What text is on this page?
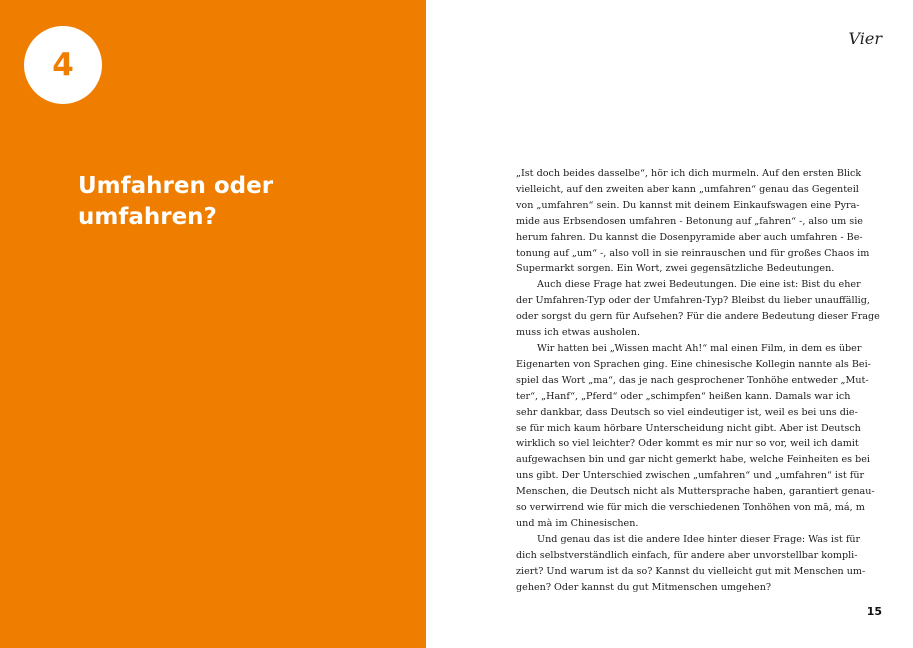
4
Umfahren oder
umfahren?
Vier
„Ist doch beides dasselbe“, hör ich dich murmeln. Auf den ersten Blick
vielleicht, auf den zweiten aber kann „umfahren“ genau das Gegenteil
von „umfahren“ sein. Du kannst mit deinem Einkaufswagen eine Pyra-
mide aus Erbsendosen umfahren - Betonung auf „fahren“ -, also um sie
herum fahren. Du kannst die Dosenpyramide aber auch umfahren - Be-
tonung auf „um“ -, also voll in sie reinrauschen und für großes Chaos im
Supermarkt sorgen. Ein Wort, zwei gegensätzliche Bedeutungen.
Auch diese Frage hat zwei Bedeutungen. Die eine ist: Bist du eher
der Umfahren-Typ oder der Umfahren-Typ? Bleibst du lieber unauffällig,
oder sorgst du gern für Aufsehen? Für die andere Bedeutung dieser Frage
muss ich etwas ausholen.
Wir hatten bei „Wissen macht Ah!“ mal einen Film, in dem es über
Eigenarten von Sprachen ging. Eine chinesische Kollegin nannte als Bei-
spiel das Wort „ma“, das je nach gesprochener Tonhöhe entweder „Mut-
ter“, „Hanf“, „Pferd“ oder „schimpfen“ heißen kann. Damals war ich
sehr dankbar, dass Deutsch so viel eindeutiger ist, weil es bei uns die-
se für mich kaum hörbare Unterscheidung nicht gibt. Aber ist Deutsch
wirklich so viel leichter? Oder kommt es mir nur so vor, weil ich damit
aufgewachsen bin und gar nicht gemerkt habe, welche Feinheiten es bei
uns gibt. Der Unterschied zwischen „umfahren“ und „umfahren“ ist für
Menschen, die Deutsch nicht als Muttersprache haben, garantiert genau-
so verwirrend wie für mich die verschiedenen Tonhöhen von mā, má, m
und mà im Chinesischen.
Und genau das ist die andere Idee hinter dieser Frage: Was ist für
dich selbstverständlich einfach, für andere aber unvorstellbar kompli-
ziert? Und warum ist da so? Kannst du vielleicht gut mit Menschen um-
gehen? Oder kannst du gut Mitmenschen umgehen?
15
